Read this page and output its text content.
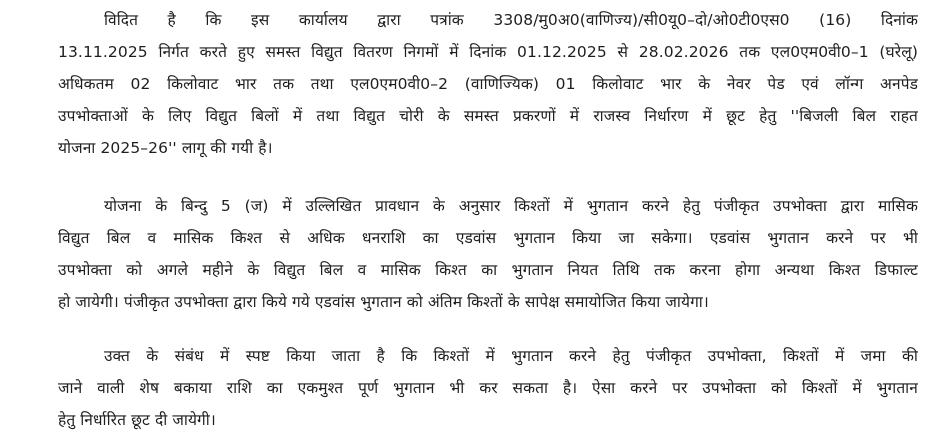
विदित है कि इस कार्यालय द्वारा पत्रांक 3308/मु0अ0(वाणिज्य)/सी0यू0–दो/ओ0टी0एस0 (16) दिनांक
13.11.2025 निर्गत करते हुए समस्त विद्युत वितरण निगमों में दिनांक 01.12.2025 से 28.02.2026 तक एल0एम0वी0–1 (घरेलू)
अधिकतम 02 किलोवाट भार तक तथा एल0एम0वी0–2 (वाणिज्यिक) 01 किलोवाट भार के नेवर पेड एवं लॉन्ग अनपेड
उपभोक्ताओं के लिए विद्युत बिलों में तथा विद्युत चोरी के समस्त प्रकरणों में राजस्व निर्धारण में छूट हेतु ''बिजली बिल राहत
योजना 2025–26'' लागू की गयी है।
योजना के बिन्दु 5 (ज) में उल्लिखित प्रावधान के अनुसार किश्तों में भुगतान करने हेतु पंजीकृत उपभोक्ता द्वारा मासिक
विद्युत बिल व मासिक किश्त से अधिक धनराशि का एडवांस भुगतान किया जा सकेगा। एडवांस भुगतान करने पर भी
उपभोक्ता को अगले महीने के विद्युत बिल व मासिक किश्त का भुगतान नियत तिथि तक करना होगा अन्यथा किश्त डिफाल्ट
हो जायेगी। पंजीकृत उपभोक्ता द्वारा किये गये एडवांस भुगतान को अंतिम किश्तों के सापेक्ष समायोजित किया जायेगा।
उक्त के संबंध में स्पष्ट किया जाता है कि किश्तों में भुगतान करने हेतु पंजीकृत उपभोक्ता, किश्तों में जमा की
जाने वाली शेष बकाया राशि का एकमुश्त पूर्ण भुगतान भी कर सकता है। ऐसा करने पर उपभोक्ता को किश्तों में भुगतान
हेतु निर्धारित छूट दी जायेगी।
